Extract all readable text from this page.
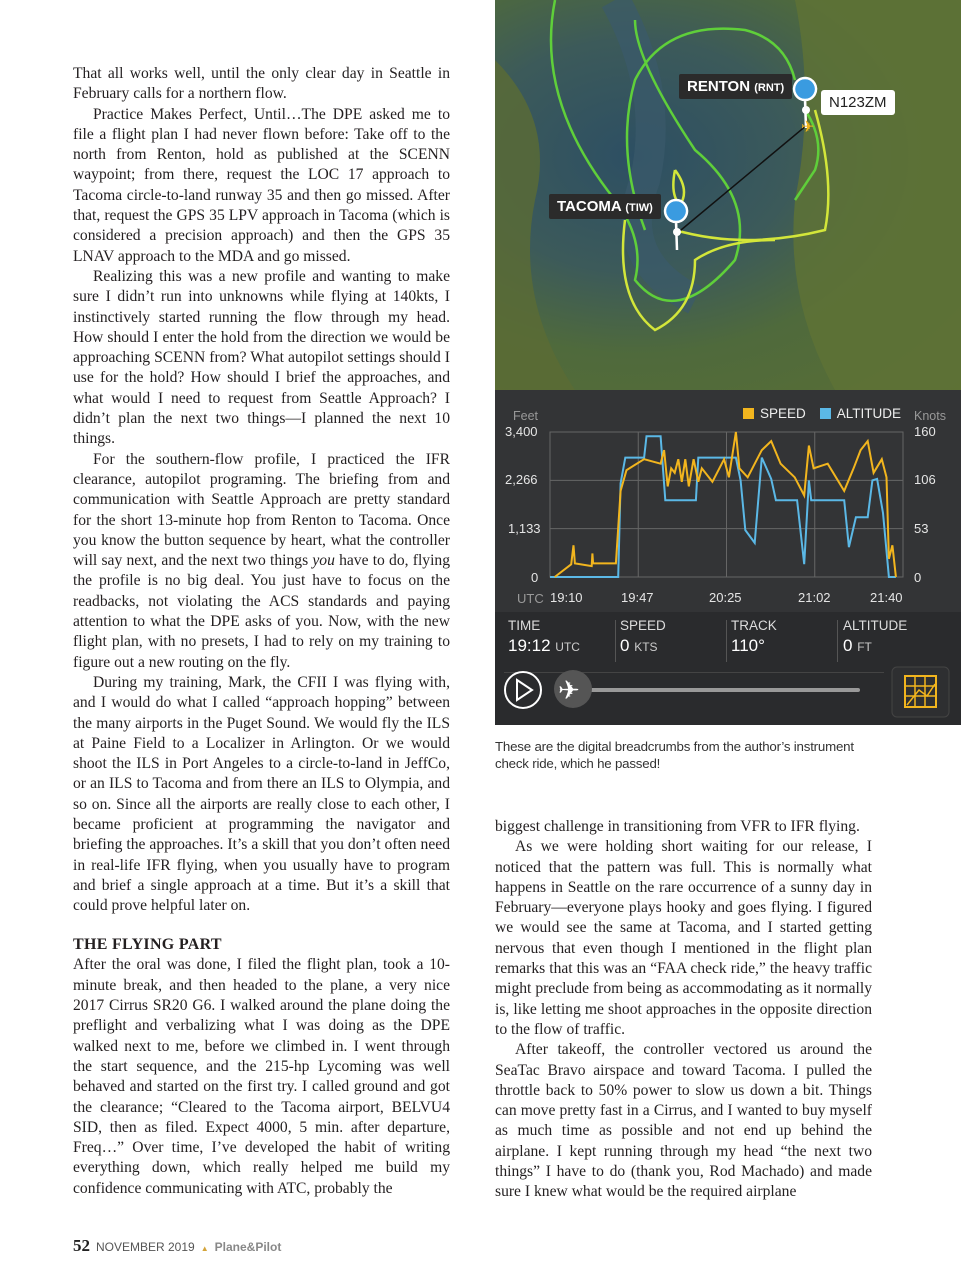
That all works well, until the only clear day in Seattle in February calls for a northern flow.

Practice Makes Perfect, Until…The DPE asked me to file a flight plan I had never flown before: Take off to the north from Renton, hold as published at the SCENN waypoint; from there, request the LOC 17 approach to Tacoma circle-to-land runway 35 and then go missed. After that, request the GPS 35 LPV approach in Tacoma (which is considered a precision approach) and then the GPS 35 LNAV approach to the MDA and go missed.

Realizing this was a new profile and wanting to make sure I didn’t run into unknowns while flying at 140kts, I instinctively started running the flow through my head. How should I enter the hold from the direction we would be approaching SCENN from? What autopilot settings should I use for the hold? How should I brief the approaches, and what would I need to request from Seattle Approach? I didn’t plan the next two things—I planned the next 10 things.

For the southern-flow profile, I practiced the IFR clearance, autopilot programing. The briefing from and communication with Seattle Approach are pretty standard for the short 13-minute hop from Renton to Tacoma. Once you know the button sequence by heart, what the controller will say next, and the next two things you have to do, flying the profile is no big deal. You just have to focus on the readbacks, not violating the ACS standards and paying attention to what the DPE asks of you. Now, with the new flight plan, with no presets, I had to rely on my training to figure out a new routing on the fly.

During my training, Mark, the CFII I was flying with, and I would do what I called “approach hopping” between the many airports in the Puget Sound. We would fly the ILS at Paine Field to a Localizer in Arlington. Or we would shoot the ILS in Port Angeles to a circle-to-land in JeffCo, or an ILS to Tacoma and from there an ILS to Olympia, and so on. Since all the airports are really close to each other, I became proficient at programming the navigator and briefing the approaches. It’s a skill that you don’t often need in real-life IFR flying, when you usually have to program and brief a single approach at a time. But it’s a skill that could prove helpful later on.

THE FLYING PART

After the oral was done, I filed the flight plan, took a 10-minute break, and then headed to the plane, a very nice 2017 Cirrus SR20 G6. I walked around the plane doing the preflight and verbalizing what I was doing as the DPE walked next to me, before we climbed in. I went through the start sequence, and the 215-hp Lycoming was well behaved and started on the first try. I called ground and got the clearance; “Cleared to the Tacoma airport, BELVU4 SID, then as filed. Expect 4000, 5 min. after departure, Freq…” Over time, I’ve developed the habit of writing everything down, which really helped me build my confidence communicating with ATC, probably the

biggest challenge in transitioning from VFR to IFR flying.

As we were holding short waiting for our release, I noticed that the pattern was full. This is normally what happens in Seattle on the rare occurrence of a sunny day in February—everyone plays hooky and goes flying. I figured we would see the same at Tacoma, and I started getting nervous that even though I mentioned in the flight plan remarks that this was an “FAA check ride,” the heavy traffic might preclude from being as accommodating as it normally is, like letting me shoot approaches in the opposite direction to the flow of traffic.

After takeoff, the controller vectored us around the SeaTac Bravo airspace and toward Tacoma. I pulled the throttle back to 50% power to slow us down a bit. Things can move pretty fast in a Cirrus, and I wanted to buy myself as much time as possible and not end up behind the airplane. I kept running through my head “the next two things” I have to do (thank you, Rod Machado) and made sure I knew what would be the required airplane

✈
RENTON (RNT)
TACOMA (TIW)
N123ZM
Feet	Knots
SPEED ALTITUDE
3,400
2,266
1,133
0
160
106
53
0
UTC 19:10	19:47	20:25	21:02	21:40
TIME
19:12 UTC
SPEED
0 KTS
TRACK
110°
ALTITUDE
0 FT
✈
These are the digital breadcrumbs from the author’s instrument check ride, which he passed!
52 NOVEMBER 2019 ▲ Plane&Pilot
